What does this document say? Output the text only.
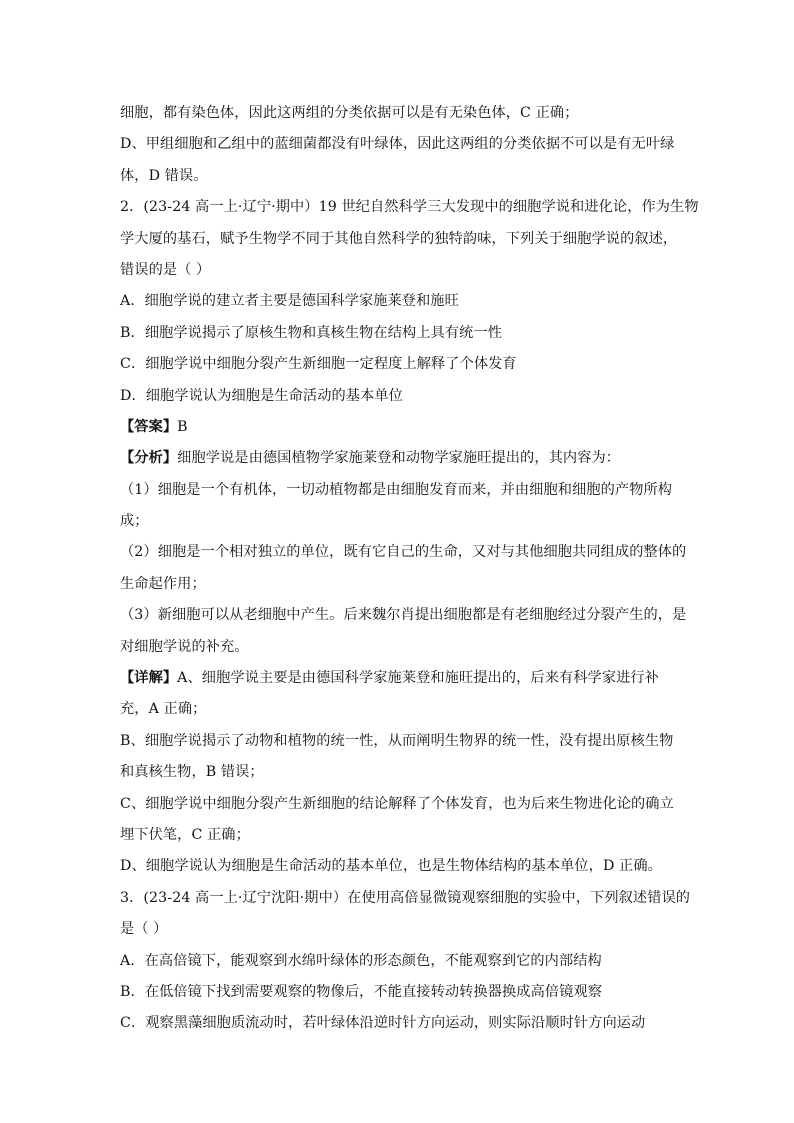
细胞，都有染色体，因此这两组的分类依据可以是有无染色体，C 正确；
D、甲组细胞和乙组中的蓝细菌都没有叶绿体，因此这两组的分类依据不可以是有无叶绿
体，D 错误。
2．(23-24 高一上·辽宁·期中）19 世纪自然科学三大发现中的细胞学说和进化论，作为生物
学大厦的基石，赋予生物学不同于其他自然科学的独特韵味，下列关于细胞学说的叙述，
错误的是（ ）
A．细胞学说的建立者主要是德国科学家施莱登和施旺
B．细胞学说揭示了原核生物和真核生物在结构上具有统一性
C．细胞学说中细胞分裂产生新细胞一定程度上解释了个体发育
D．细胞学说认为细胞是生命活动的基本单位
【答案】B
【分析】细胞学说是由德国植物学家施莱登和动物学家施旺提出的，其内容为：
（1）细胞是一个有机体，一切动植物都是由细胞发育而来，并由细胞和细胞的产物所构
成；
（2）细胞是一个相对独立的单位，既有它自己的生命，又对与其他细胞共同组成的整体的
生命起作用；
（3）新细胞可以从老细胞中产生。后来魏尔肖提出细胞都是有老细胞经过分裂产生的，是
对细胞学说的补充。
【详解】A、细胞学说主要是由德国科学家施莱登和施旺提出的，后来有科学家进行补
充，A 正确；
B、细胞学说揭示了动物和植物的统一性，从而阐明生物界的统一性，没有提出原核生物
和真核生物，B 错误；
C、细胞学说中细胞分裂产生新细胞的结论解释了个体发育，也为后来生物进化论的确立
埋下伏笔，C 正确；
D、细胞学说认为细胞是生命活动的基本单位，也是生物体结构的基本单位，D 正确。
3．(23-24 高一上·辽宁沈阳·期中）在使用高倍显微镜观察细胞的实验中，下列叙述错误的
是（ ）
A．在高倍镜下，能观察到水绵叶绿体的形态颜色，不能观察到它的内部结构
B．在低倍镜下找到需要观察的物像后，不能直接转动转换器换成高倍镜观察
C．观察黑藻细胞质流动时，若叶绿体沿逆时针方向运动，则实际沿顺时针方向运动
